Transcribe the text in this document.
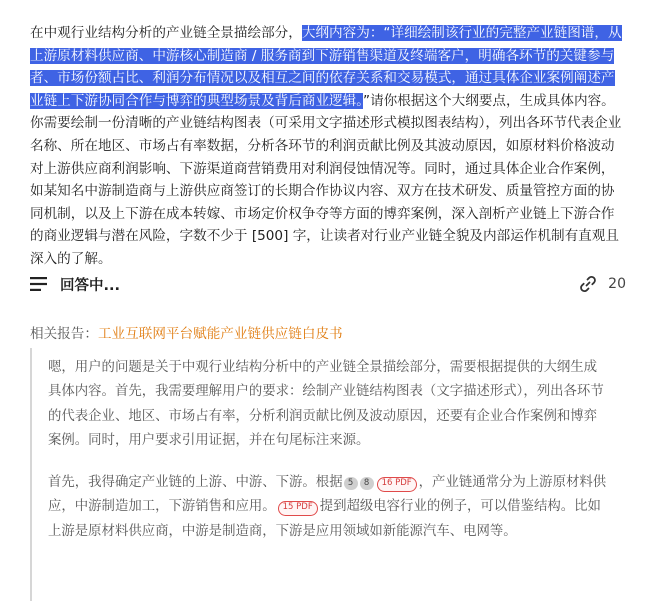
在中观行业结构分析的产业链全景描绘部分，大纲内容为：“详细绘制该行业的完整产业链图谱，从上游原材料供应商、中游核心制造商 / 服务商到下游销售渠道及终端客户，明确各环节的关键参与者、市场份额占比、利润分布情况以及相互之间的依存关系和交易模式，通过具体企业案例阐述产业链上下游协同合作与博弈的典型场景及背后商业逻辑。”请你根据这个大纲要点，生成具体内容。你需要绘制一份清晰的产业链结构图表（可采用文字描述形式模拟图表结构），列出各环节代表企业名称、所在地区、市场占有率数据，分析各环节的利润贡献比例及其波动原因，如原材料价格波动对上游供应商利润影响、下游渠道商营销费用对利润侵蚀情况等。同时，通过具体企业合作案例，如某知名中游制造商与上游供应商签订的长期合作协议内容、双方在技术研发、质量管控方面的协同机制，以及上下游在成本转嫁、市场定价权争夺等方面的博弈案例，深入剖析产业链上下游合作的商业逻辑与潜在风险，字数不少于 [500] 字，让读者对行业产业链全貌及内部运作机制有直观且深入的了解。
回答中...	20
相关报告：工业互联网平台赋能产业链供应链白皮书

嗯，用户的问题是关于中观行业结构分析中的产业链全景描绘部分，需要根据提供的大纲生成具体内容。首先，我需要理解用户的要求：绘制产业链结构图表（文字描述形式），列出各环节的代表企业、地区、市场占有率，分析利润贡献比例及波动原因，还要有企业合作案例和博弈案例。同时，用户要求引用证据，并在句尾标注来源。

首先，我得确定产业链的上游、中游、下游。根据 5 8 16 PDF ，产业链通常分为上游原材料供应，中游制造加工，下游销售和应用。 15 PDF 提到超级电容行业的例子，可以借鉴结构。比如上游是原材料供应商，中游是制造商，下游是应用领域如新能源汽车、电网等。
